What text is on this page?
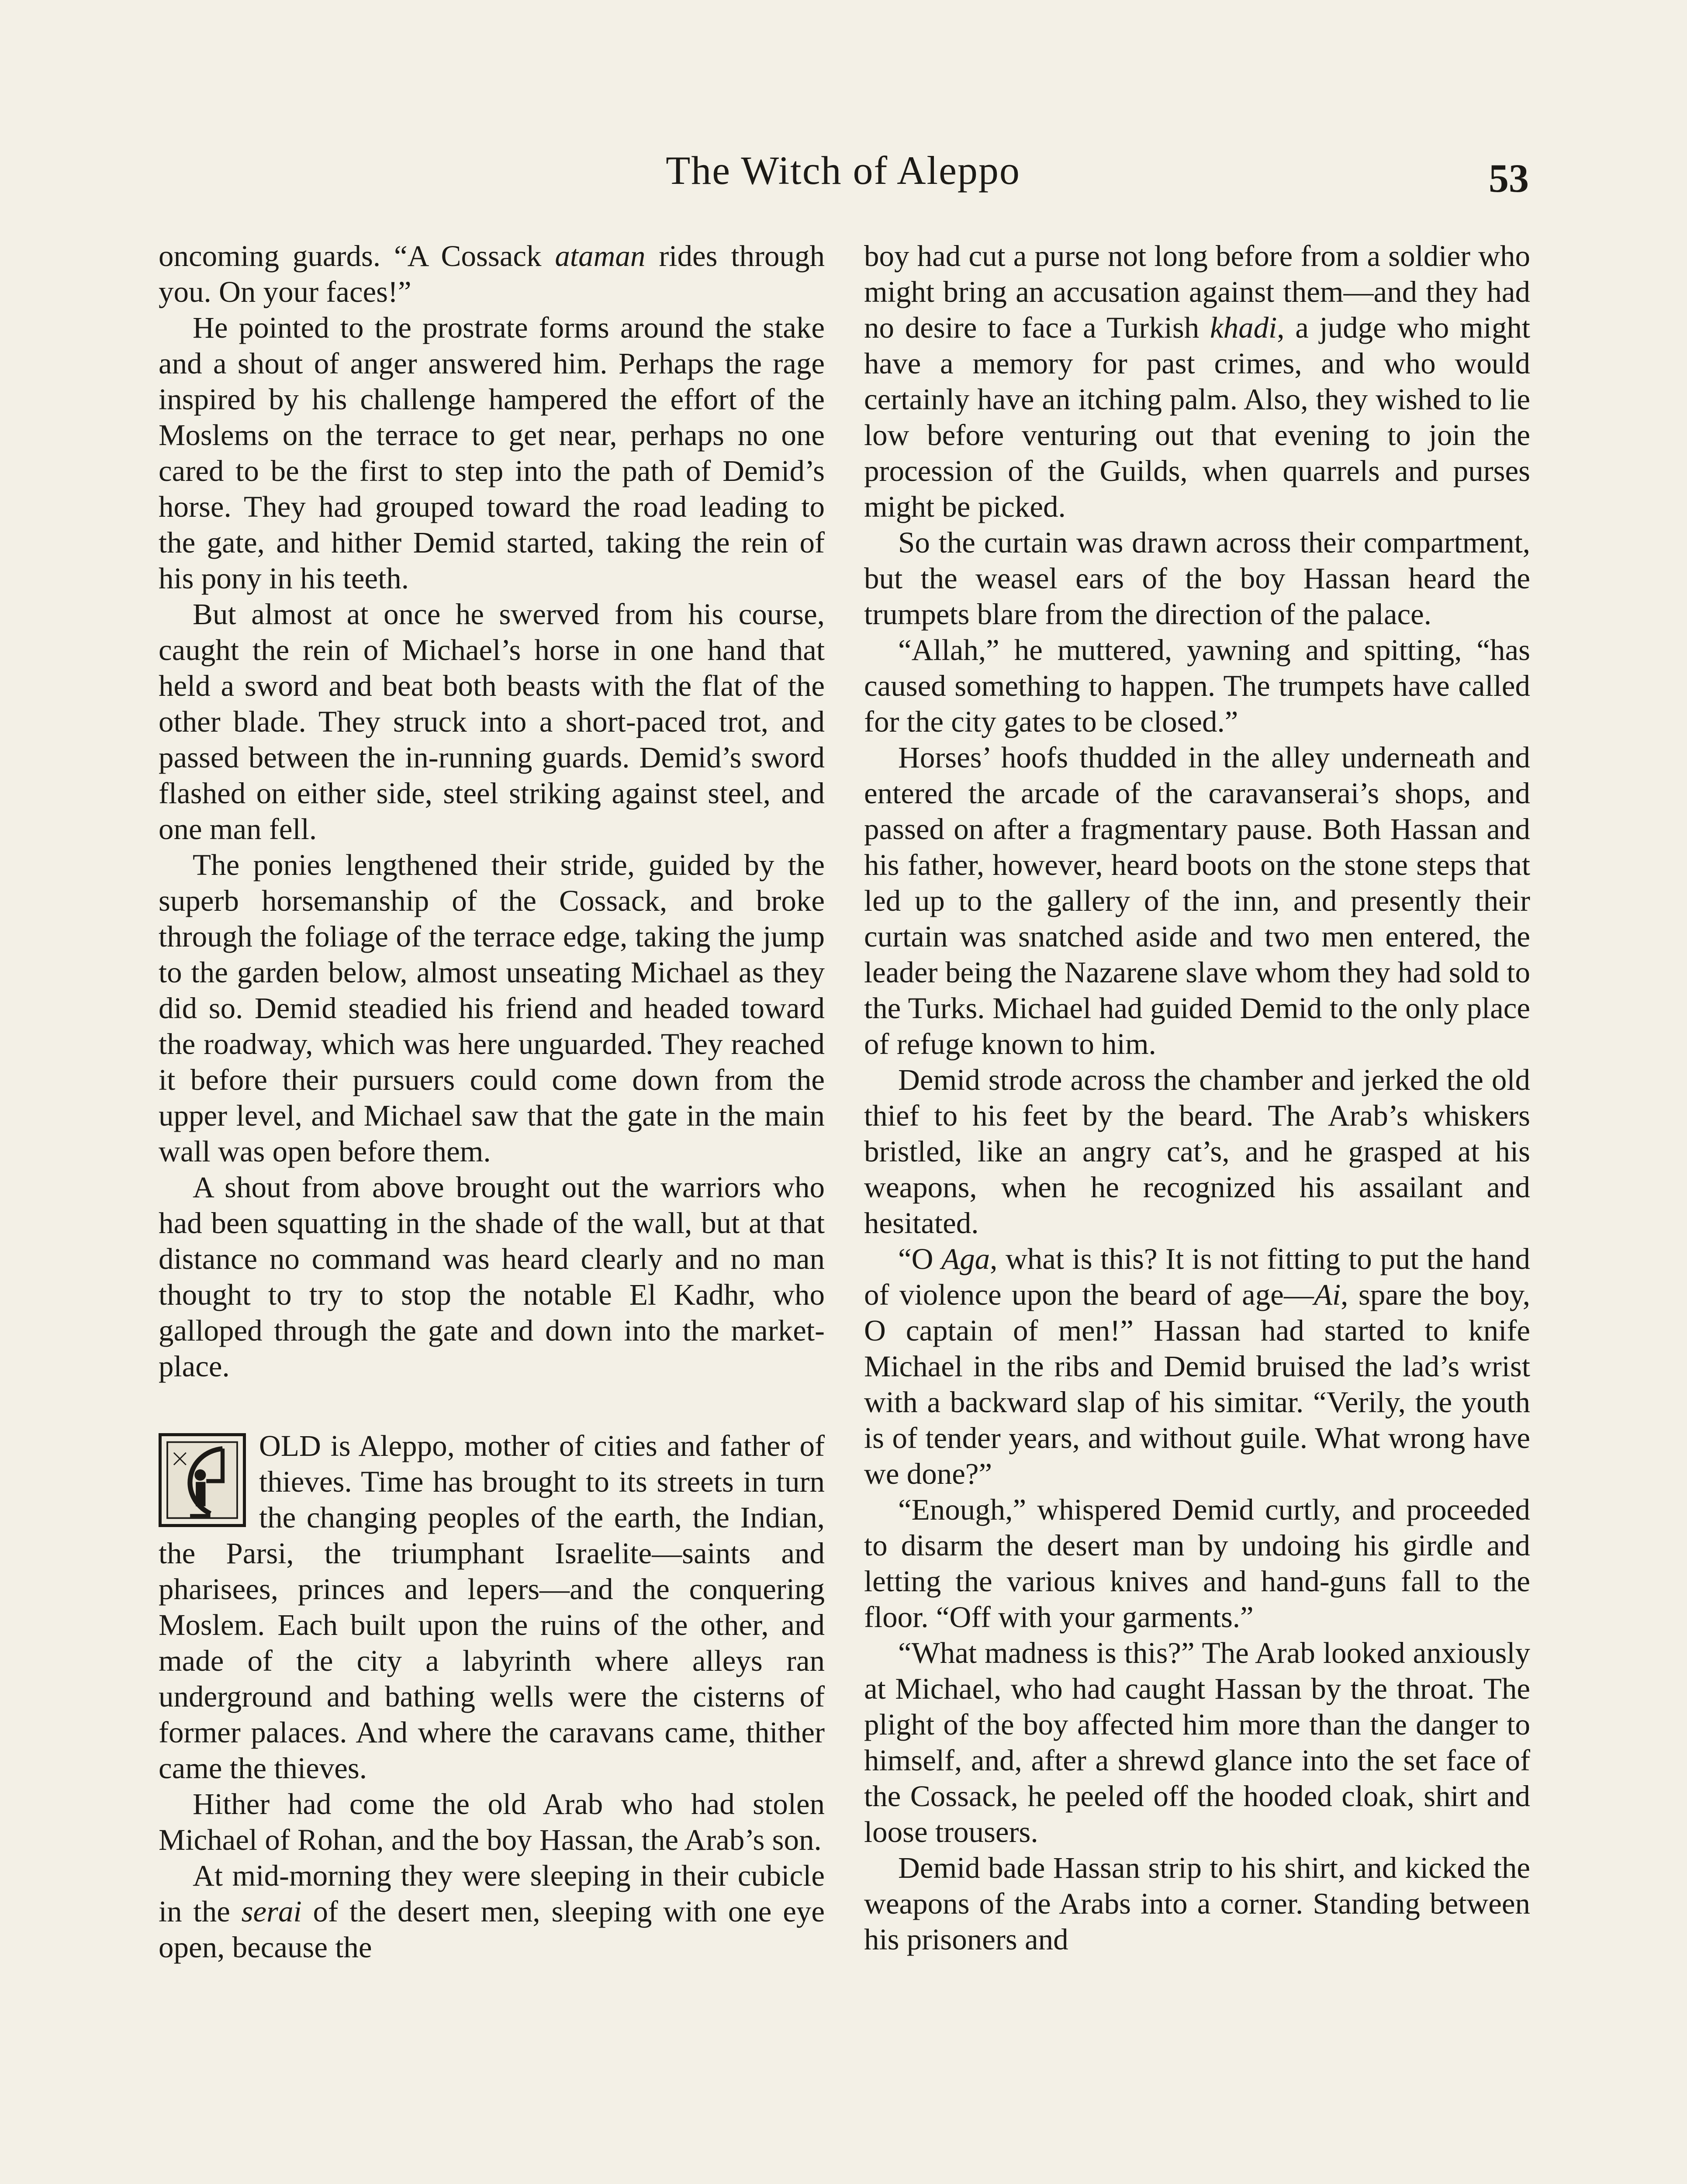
The Witch of Aleppo	53

oncoming guards. “A Cossack ataman rides through you. On your faces!”

He pointed to the prostrate forms around the stake and a shout of anger answered him. Perhaps the rage inspired by his challenge hampered the effort of the Moslems on the terrace to get near, perhaps no one cared to be the first to step into the path of Demid’s horse. They had grouped toward the road leading to the gate, and hither Demid started, taking the rein of his pony in his teeth.

But almost at once he swerved from his course, caught the rein of Michael’s horse in one hand that held a sword and beat both beasts with the flat of the other blade. They struck into a short-paced trot, and passed between the in-running guards. Demid’s sword flashed on either side, steel striking against steel, and one man fell.

The ponies lengthened their stride, guided by the superb horsemanship of the Cossack, and broke through the foliage of the terrace edge, taking the jump to the garden below, almost unseating Michael as they did so. Demid steadied his friend and headed toward the roadway, which was here unguarded. They reached it before their pursuers could come down from the upper level, and Michael saw that the gate in the main wall was open before them.

A shout from above brought out the warriors who had been squatting in the shade of the wall, but at that distance no command was heard clearly and no man thought to try to stop the notable El Kadhr, who galloped through the gate and down into the market-place.

OLD is Aleppo, mother of cities and father of thieves. Time has brought to its streets in turn the changing peoples of the earth, the Indian, the Parsi, the triumphant Israelite—saints and pharisees, princes and lepers—and the conquering Moslem. Each built upon the ruins of the other, and made of the city a labyrinth where alleys ran underground and bathing wells were the cisterns of former palaces. And where the caravans came, thither came the thieves.

Hither had come the old Arab who had stolen Michael of Rohan, and the boy Hassan, the Arab’s son.

At mid-morning they were sleeping in their cubicle in the serai of the desert men, sleeping with one eye open, because the

boy had cut a purse not long before from a soldier who might bring an accusation against them—and they had no desire to face a Turkish khadi, a judge who might have a memory for past crimes, and who would certainly have an itching palm. Also, they wished to lie low before venturing out that evening to join the procession of the Guilds, when quarrels and purses might be picked.

So the curtain was drawn across their compartment, but the weasel ears of the boy Hassan heard the trumpets blare from the direction of the palace.

“Allah,” he muttered, yawning and spitting, “has caused something to happen. The trumpets have called for the city gates to be closed.”

Horses’ hoofs thudded in the alley underneath and entered the arcade of the caravanserai’s shops, and passed on after a fragmentary pause. Both Hassan and his father, however, heard boots on the stone steps that led up to the gallery of the inn, and presently their curtain was snatched aside and two men entered, the leader being the Nazarene slave whom they had sold to the Turks. Michael had guided Demid to the only place of refuge known to him.

Demid strode across the chamber and jerked the old thief to his feet by the beard. The Arab’s whiskers bristled, like an angry cat’s, and he grasped at his weapons, when he recognized his assailant and hesitated.

“O Aga, what is this? It is not fitting to put the hand of violence upon the beard of age—Ai, spare the boy, O captain of men!” Hassan had started to knife Michael in the ribs and Demid bruised the lad’s wrist with a backward slap of his simitar. “Verily, the youth is of tender years, and without guile. What wrong have we done?”

“Enough,” whispered Demid curtly, and proceeded to disarm the desert man by undoing his girdle and letting the various knives and hand-guns fall to the floor. “Off with your garments.”

“What madness is this?” The Arab looked anxiously at Michael, who had caught Hassan by the throat. The plight of the boy affected him more than the danger to himself, and, after a shrewd glance into the set face of the Cossack, he peeled off the hooded cloak, shirt and loose trousers.

Demid bade Hassan strip to his shirt, and kicked the weapons of the Arabs into a corner. Standing between his prisoners and
